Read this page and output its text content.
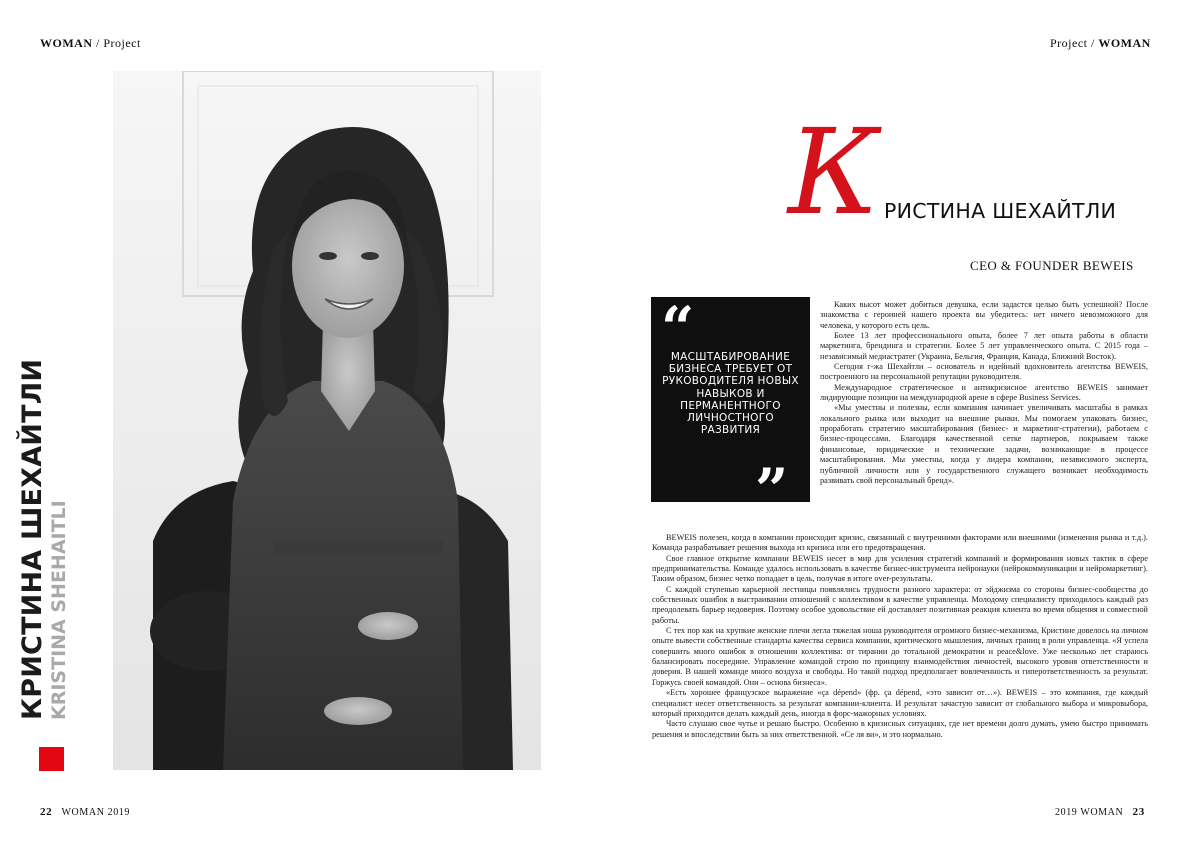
WOMAN / Project	Project / WOMAN
КРИСТИНА ШЕХАЙТЛИ KRISTINA SHEHAITLI
К РИСТИНА ШЕХАЙТЛИ
CEO & FOUNDER BEWEIS
“
МАСШТАБИРОВАНИЕ БИЗНЕСА ТРЕБУЕТ ОТ РУКОВОДИТЕЛЯ НОВЫХ НАВЫКОВ И ПЕРМАНЕНТНОГО ЛИЧНОСТНОГО РАЗВИТИЯ
”

Каких высот может добиться девушка, если задастся целью быть успешной? После знакомства с героиней нашего проекта вы убедитесь: нет ничего невозможного для человека, у которого есть цель.

Более 13 лет профессионального опыта, более 7 лет опыта работы в области маркетинга, брендинга и стратегии. Более 5 лет управленческого опыта. С 2015 года – независимый медиастратег (Украина, Бельгия, Франция, Канада, Ближний Восток).

Сегодня г-жа Шехайтли – основатель и идейный вдохновитель агентства BEWEIS, построенного на персональной репутации руководителя.

Международное стратегическое и антикризисное агентство BEWEIS занимает лидирующие позиции на международной арене в сфере Business Services.

«Мы уместны и полезны, если компания начинает увеличивать масштабы в рамках локального рынка или выходит на внешние рынки. Мы помогаем упаковать бизнес, проработать стратегию масштабирования (бизнес- и маркетинг-стратегии), работаем с бизнес-процессами. Благодаря качественной сетке партнеров, покрываем также финансовые, юридические и технические задачи, возникающие в процессе масштабирования. Мы уместны, когда у лидера компании, независимого эксперта, публичной личности или у государственного служащего возникает необходимость развивать свой персональный бренд».

BEWEIS полезен, когда в компании происходит кризис, связанный с внутренними факторами или внешними (изменения рынка и т.д.). Команда разрабатывает решения выхода из кризиса или его предотвращения.

Свое главное открытие компании BEWEIS несет в мир для усиления стратегий компаний и формирования новых тактик в сфере предпринимательства. Команде удалось использовать в качестве бизнес-инструмента нейронауки (нейрокоммуникации и нейромаркетинг). Таким образом, бизнес четко попадает в цель, получая в итоге over-результаты.

С каждой ступенью карьерной лестницы появлялись трудности разного характера: от эйджизма со стороны бизнес-сообщества до собственных ошибок в выстраивании отношений с коллективом в качестве управленца. Молодому специалисту приходилось каждый раз преодолевать барьер недоверия. Поэтому особое удовольствие ей доставляет позитивная реакция клиента во время общения и совместной работы.

С тех пор как на хрупкие женские плечи легла тяжелая ноша руководителя огромного бизнес-механизма, Кристине довелось на личном опыте вывести собственные стандарты качества сервиса компании, критического мышления, личных границ в роли управленца. «Я успела совершить много ошибок в отношении коллектива: от тирании до тотальной демократии и peace&love. Уже несколько лет стараюсь балансировать посередине. Управление командой строю по принципу взаимодействия личностей, высокого уровня ответственности и доверия. В нашей команде много воздуха и свободы. Но такой подход предполагает вовлеченность и гиперответственность за результат. Горжусь своей командой. Они – основа бизнеса».

«Есть хорошее французское выражение «ça dépend» (фр. ça dépend, «это зависит от…»). BEWEIS – это компания, где каждый специалист несет ответственность за результат компании-клиента. И результат зачастую зависит от глобального выбора и микровыбора, который приходится делать каждый день, иногда в форс-мажорных условиях.

Часто слушаю свое чутье и решаю быстро. Особенно в кризисных ситуациях, где нет времени долго думать, умею быстро принимать решения и впоследствии быть за них ответственной. «Се ля ви», и это нормально.

22 WOMAN 2019	2019 WOMAN 23
